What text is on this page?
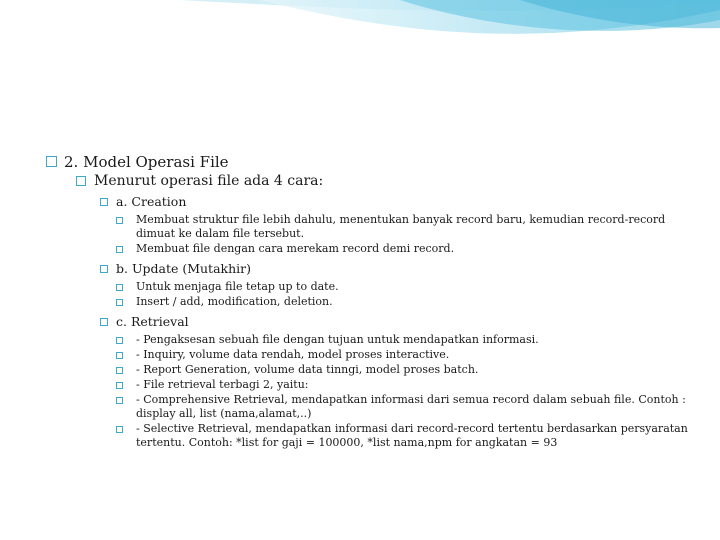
2. Model Operasi File
Menurut operasi file ada 4 cara:
a. Creation
Membuat struktur file lebih dahulu, menentukan banyak record baru, kemudian record-record dimuat ke dalam file tersebut.
Membuat file dengan cara merekam record demi record.
b. Update (Mutakhir)
Untuk menjaga file tetap up to date.
Insert / add, modification, deletion.
c. Retrieval
- Pengaksesan sebuah file dengan tujuan untuk mendapatkan informasi.
- Inquiry, volume data rendah, model proses interactive.
- Report Generation, volume data tinngi, model proses batch.
- File retrieval terbagi 2, yaitu:
- Comprehensive Retrieval, mendapatkan informasi dari semua record dalam sebuah file. Contoh : display all, list (nama,alamat,..)
- Selective Retrieval, mendapatkan informasi dari record-record tertentu berdasarkan persyaratan tertentu. Contoh: *list for gaji = 100000, *list nama,npm for angkatan = 93
